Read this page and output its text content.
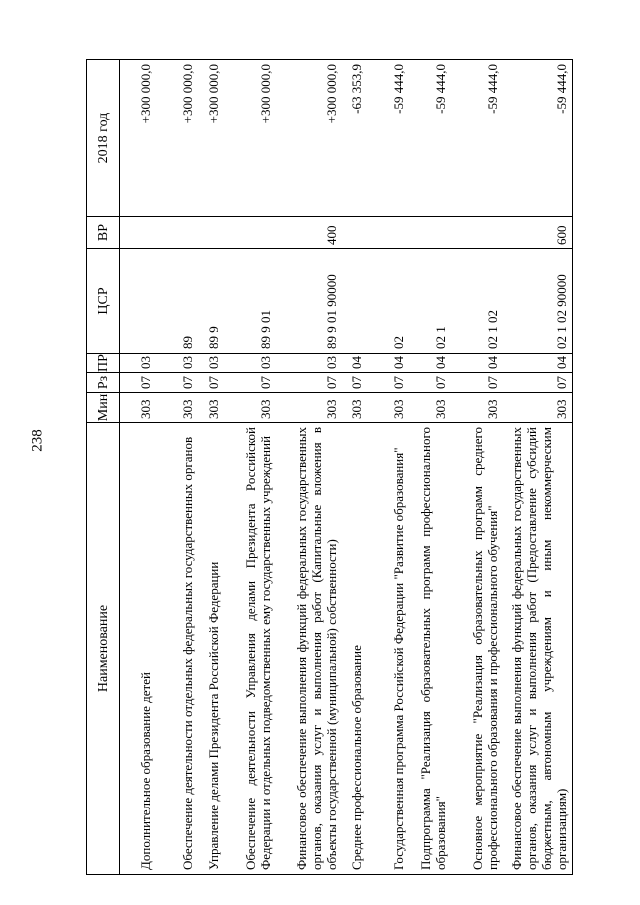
238
Наименование	Мин	Рз	ПР	ЦСР	ВР	2018 год
Дополнительное образование детей	303	07	03			+300 000,0
Обеспечение деятельности отдельных федеральных государственных органов	303	07	03	89		+300 000,0
Управление делами Президента Российской Федерации	303	07	03	89 9		+300 000,0
Обеспечение деятельности Управления делами Президента Российской Федерации и отдельных подведомственных ему государственных учреждений	303	07	03	89 9 01		+300 000,0
Финансовое обеспечение выполнения функций федеральных государственных органов, оказания услуг и выполнения работ (Капитальные вложения в объекты государственной (муниципальной) собственности)	303	07	03	89 9 01 90000	400	+300 000,0
Среднее профессиональное образование	303	07	04			-63 353,9
Государственная программа Российской Федерации "Развитие образования"	303	07	04	02		-59 444,0
Подпрограмма "Реализация образовательных программ профессионального образования"	303	07	04	02 1		-59 444,0
Основное мероприятие "Реализация образовательных программ среднего профессионального образования и профессионального обучения"	303	07	04	02 1 02		-59 444,0
Финансовое обеспечение выполнения функций федеральных государственных органов, оказания услуг и выполнения работ (Предоставление субсидий бюджетным, автономным учреждениям и иным некоммерческим организациям)	303	07	04	02 1 02 90000	600	-59 444,0
